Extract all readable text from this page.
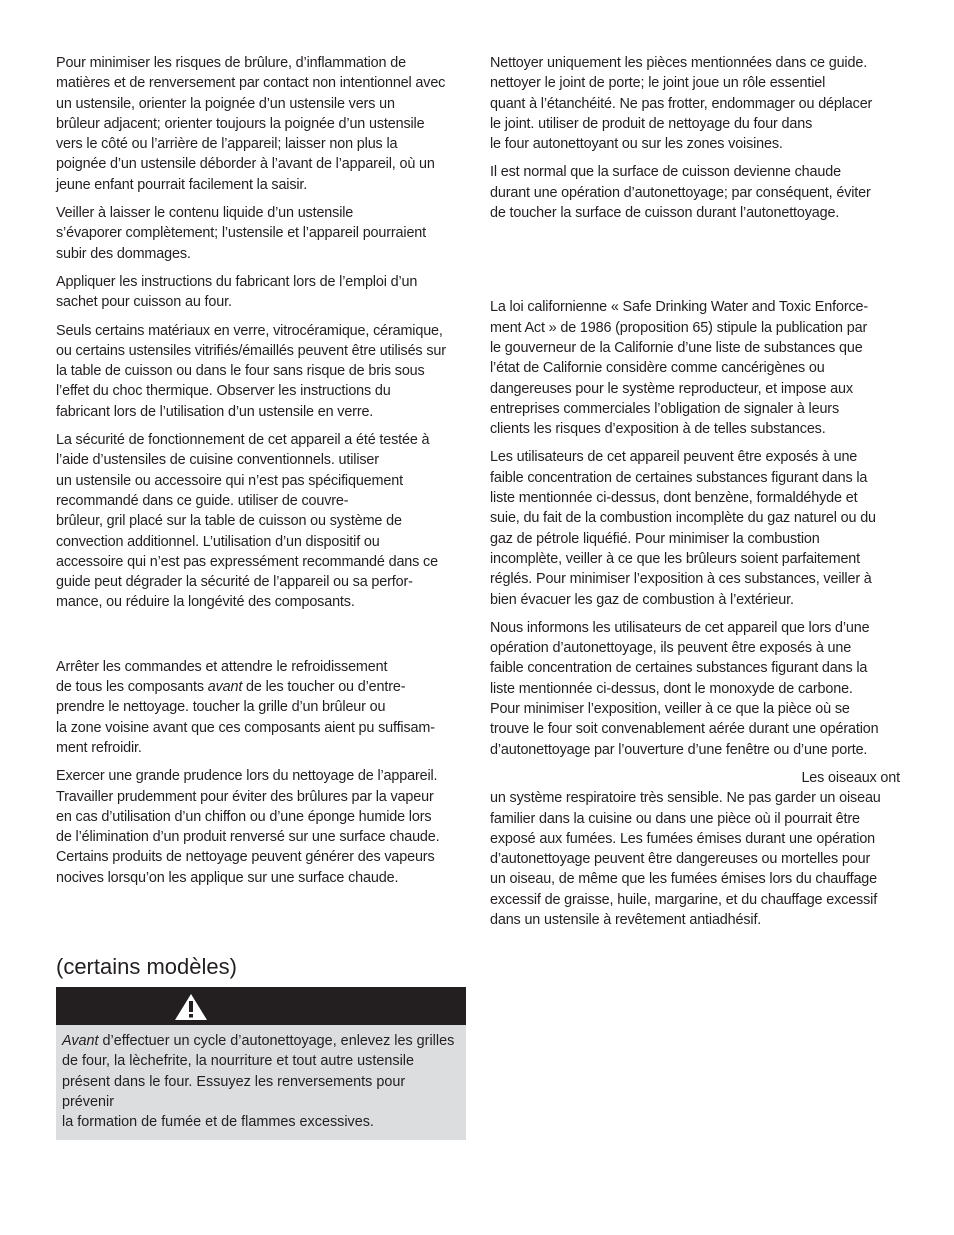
Pour minimiser les risques de brûlure, d’inflammation de
matières et de renversement par contact non intentionnel avec
un ustensile, orienter la poignée d’un ustensile vers un
brûleur adjacent; orienter toujours la poignée d’un ustensile
vers le côté ou l’arrière de l’appareil; laisser non plus la
poignée d’un ustensile déborder à l’avant de l’appareil, où un
jeune enfant pourrait facilement la saisir.

Veiller à laisser le contenu liquide d’un ustensile
s’évaporer complètement; l’ustensile et l’appareil pourraient
subir des dommages.

Appliquer les instructions du fabricant lors de l’emploi d’un
sachet pour cuisson au four.

Seuls certains matériaux en verre, vitrocéramique, céramique,
ou certains ustensiles vitrifiés/émaillés peuvent être utilisés sur
la table de cuisson ou dans le four sans risque de bris sous
l’effet du choc thermique. Observer les instructions du
fabricant lors de l’utilisation d’un ustensile en verre.

La sécurité de fonctionnement de cet appareil a été testée à
l’aide d’ustensiles de cuisine conventionnels. utiliser
un ustensile ou accessoire qui n’est pas spécifiquement
recommandé dans ce guide. utiliser de couvre-
brûleur, gril placé sur la table de cuisson ou système de
convection additionnel. L’utilisation d’un dispositif ou
accessoire qui n’est pas expressément recommandé dans ce
guide peut dégrader la sécurité de l’appareil ou sa perfor-
mance, ou réduire la longévité des composants.

Arrêter les commandes et attendre le refroidissement
de tous les composants avant de les toucher ou d’entre-
prendre le nettoyage. toucher la grille d’un brûleur ou
la zone voisine avant que ces composants aient pu suffisam-
ment refroidir.

Exercer une grande prudence lors du nettoyage de l’appareil.
Travailler prudemment pour éviter des brûlures par la vapeur
en cas d’utilisation d’un chiffon ou d’une éponge humide lors
de l’élimination d’un produit renversé sur une surface chaude.
Certains produits de nettoyage peuvent générer des vapeurs
nocives lorsqu’on les applique sur une surface chaude.

(certains modèles)

Avant d’effectuer un cycle d’autonettoyage, enlevez les grilles
de four, la lèchefrite, la nourriture et tout autre ustensile
présent dans le four. Essuyez les renversements pour prévenir
la formation de fumée et de flammes excessives.

Nettoyer uniquement les pièces mentionnées dans ce guide.
nettoyer le joint de porte; le joint joue un rôle essentiel
quant à l’étanchéité. Ne pas frotter, endommager ou déplacer
le joint. utiliser de produit de nettoyage du four dans
le four autonettoyant ou sur les zones voisines.

Il est normal que la surface de cuisson devienne chaude
durant une opération d’autonettoyage; par conséquent, éviter
de toucher la surface de cuisson durant l’autonettoyage.

La loi californienne « Safe Drinking Water and Toxic Enforce-
ment Act » de 1986 (proposition 65) stipule la publication par
le gouverneur de la Californie d’une liste de substances que
l’état de Californie considère comme cancérigènes ou
dangereuses pour le système reproducteur, et impose aux
entreprises commerciales l’obligation de signaler à leurs
clients les risques d’exposition à de telles substances.

Les utilisateurs de cet appareil peuvent être exposés à une
faible concentration de certaines substances figurant dans la
liste mentionnée ci-dessus, dont benzène, formaldéhyde et
suie, du fait de la combustion incomplète du gaz naturel ou du
gaz de pétrole liquéfié. Pour minimiser la combustion
incomplète, veiller à ce que les brûleurs soient parfaitement
réglés. Pour minimiser l’exposition à ces substances, veiller à
bien évacuer les gaz de combustion à l’extérieur.

Nous informons les utilisateurs de cet appareil que lors d’une
opération d’autonettoyage, ils peuvent être exposés à une
faible concentration de certaines substances figurant dans la
liste mentionnée ci-dessus, dont le monoxyde de carbone.
Pour minimiser l’exposition, veiller à ce que la pièce où se
trouve le four soit convenablement aérée durant une opération
d’autonettoyage par l’ouverture d’une fenêtre ou d’une porte.

Les oiseaux ont
un système respiratoire très sensible. Ne pas garder un oiseau
familier dans la cuisine ou dans une pièce où il pourrait être
exposé aux fumées. Les fumées émises durant une opération
d’autonettoyage peuvent être dangereuses ou mortelles pour
un oiseau, de même que les fumées émises lors du chauffage
excessif de graisse, huile, margarine, et du chauffage excessif
dans un ustensile à revêtement antiadhésif.
